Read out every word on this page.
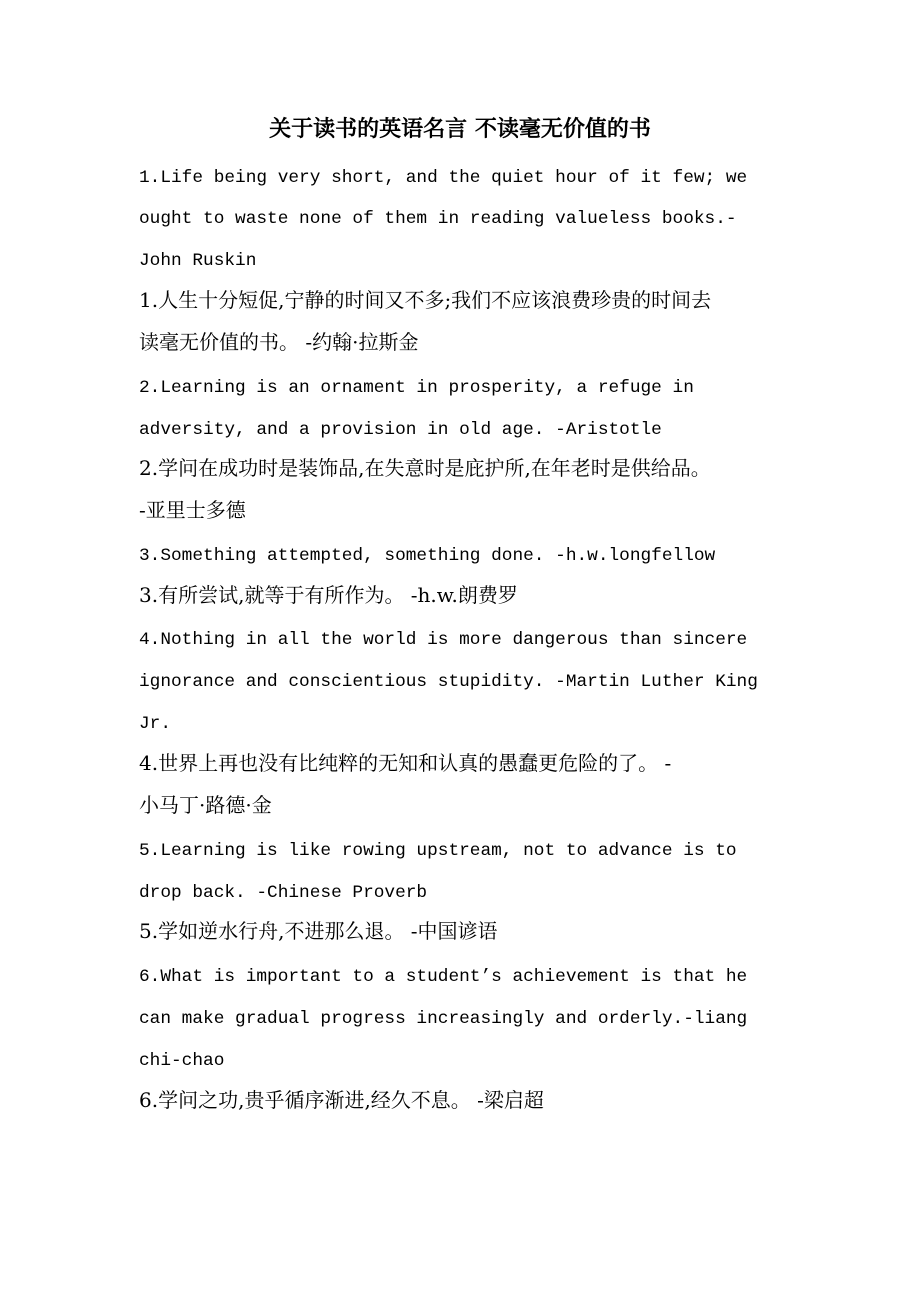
关于读书的英语名言 不读毫无价值的书
1.Life being very short, and the quiet hour of it few; we
ought to waste none of them in reading valueless books.-
John Ruskin
1.人生十分短促,宁静的时间又不多;我们不应该浪费珍贵的时间去
读毫无价值的书。 -约翰·拉斯金
2.Learning is an ornament in prosperity, a refuge in
adversity, and a provision in old age. -Aristotle
2.学问在成功时是装饰品,在失意时是庇护所,在年老时是供给品。
-亚里士多德
3.Something attempted, something done. -h.w.longfellow
3.有所尝试,就等于有所作为。 -h.w.朗费罗
4.Nothing in all the world is more dangerous than sincere
ignorance and conscientious stupidity. -Martin Luther King
Jr.
4.世界上再也没有比纯粹的无知和认真的愚蠢更危险的了。 -
小马丁·路德·金
5.Learning is like rowing upstream, not to advance is to
drop back. -Chinese Proverb
5.学如逆水行舟,不进那么退。 -中国谚语
6.What is important to a student’s achievement is that he
can make gradual progress increasingly and orderly.-liang
chi-chao
6.学问之功,贵乎循序渐进,经久不息。 -梁启超
